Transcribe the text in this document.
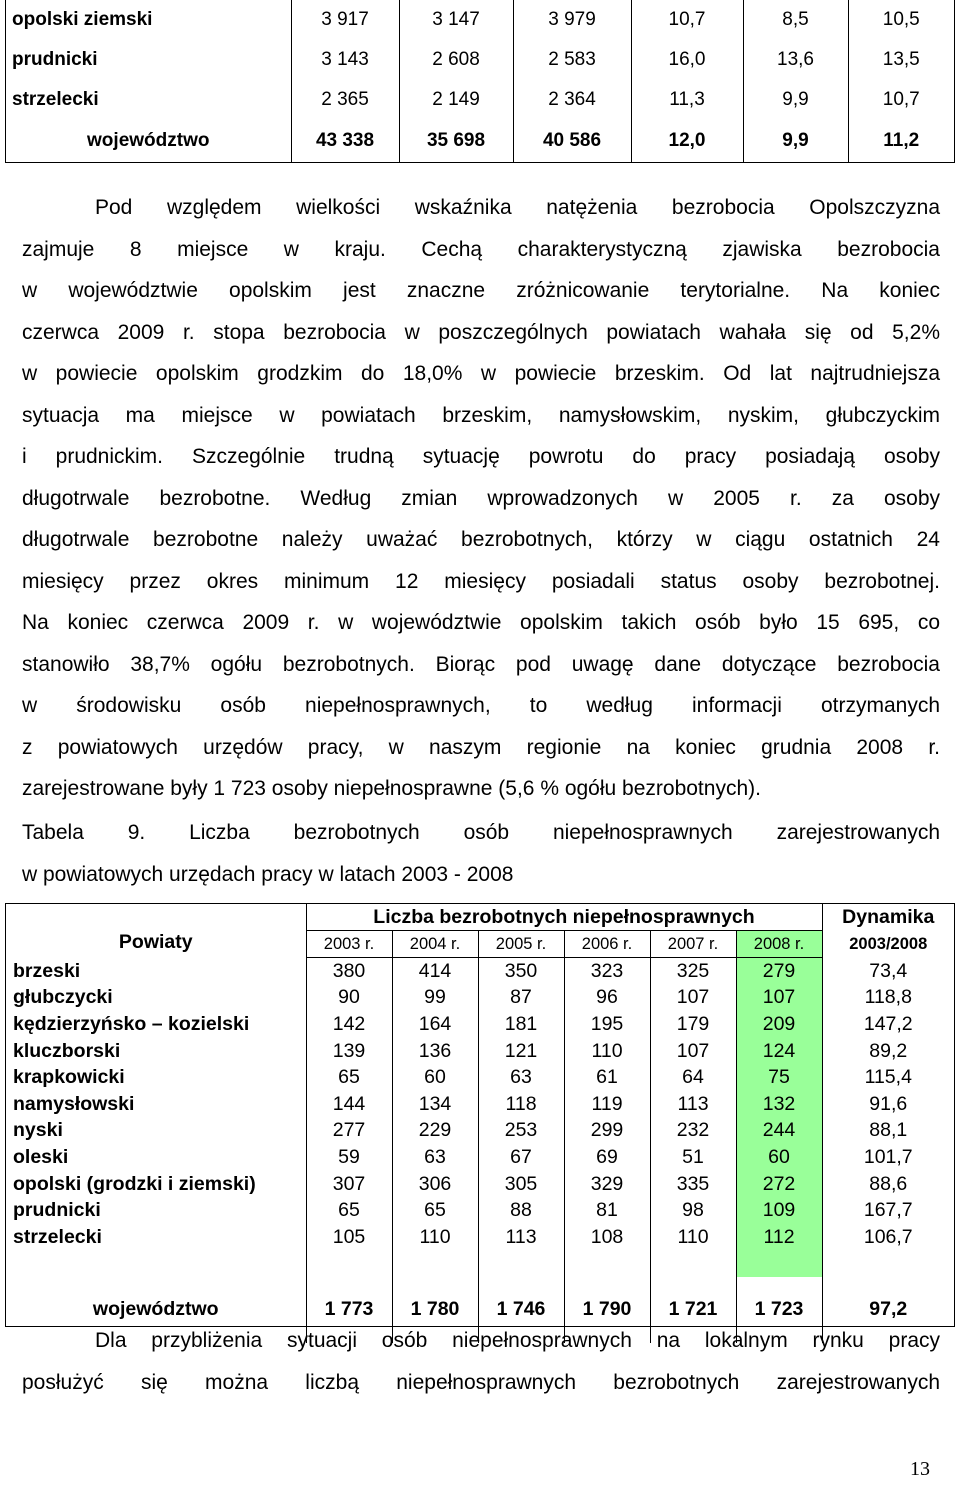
opolski ziemski	3 917	3 147	3 979	10,7	8,5	10,5
prudnicki	3 143	2 608	2 583	16,0	13,6	13,5
strzelecki	2 365	2 149	2 364	11,3	9,9	10,7
województwo	43 338	35 698	40 586	12,0	9,9	11,2
Pod względem wielkości wskaźnika natężenia bezrobocia Opolszczyzna
zajmuje 8 miejsce w kraju. Cechą charakterystyczną zjawiska bezrobocia
w województwie opolskim jest znaczne zróżnicowanie terytorialne. Na koniec
czerwca 2009 r. stopa bezrobocia w poszczególnych powiatach wahała się od 5,2%
w powiecie opolskim grodzkim do 18,0% w powiecie brzeskim. Od lat najtrudniejsza
sytuacja ma miejsce w powiatach brzeskim, namysłowskim, nyskim, głubczyckim
i prudnickim. Szczególnie trudną sytuację powrotu do pracy posiadają osoby
długotrwale bezrobotne. Według zmian wprowadzonych w 2005 r. za osoby
długotrwale bezrobotne należy uważać bezrobotnych, którzy w ciągu ostatnich 24
miesięcy przez okres minimum 12 miesięcy posiadali status osoby bezrobotnej.
Na koniec czerwca 2009 r. w województwie opolskim takich osób było 15 695, co
stanowiło 38,7% ogółu bezrobotnych. Biorąc pod uwagę dane dotyczące bezrobocia
w środowisku osób niepełnosprawnych, to według informacji otrzymanych
z powiatowych urzędów pracy, w naszym regionie na koniec grudnia 2008 r.
zarejestrowane były 1 723 osoby niepełnosprawne (5,6 % ogółu bezrobotnych).
Tabela 9. Liczba bezrobotnych osób niepełnosprawnych zarejestrowanych
w powiatowych urzędach pracy w latach 2003 - 2008
Powiaty	Liczba bezrobotnych niepełnosprawnych						Dynamika
	2003 r.	2004 r.	2005 r.	2006 r.	2007 r.	2008 r.	2003/2008
brzeski	380	414	350	323	325	279	73,4
głubczycki	90	99	87	96	107	107	118,8
kędzierzyńsko – kozielski	142	164	181	195	179	209	147,2
kluczborski	139	136	121	110	107	124	89,2
krapkowicki	65	60	63	61	64	75	115,4
namysłowski	144	134	118	119	113	132	91,6
nyski	277	229	253	299	232	244	88,1
oleski	59	63	67	69	51	60	101,7
opolski (grodzki i ziemski)	307	306	305	329	335	272	88,6
prudnicki	65	65	88	81	98	109	167,7
strzelecki	105	110	113	108	110	112	106,7

województwo	1 773	1 780	1 746	1 790	1 721	1 723	97,2
Dla przybliżenia sytuacji osób niepełnosprawnych na lokalnym rynku pracy
posłużyć się można liczbą niepełnosprawnych bezrobotnych zarejestrowanych
13
